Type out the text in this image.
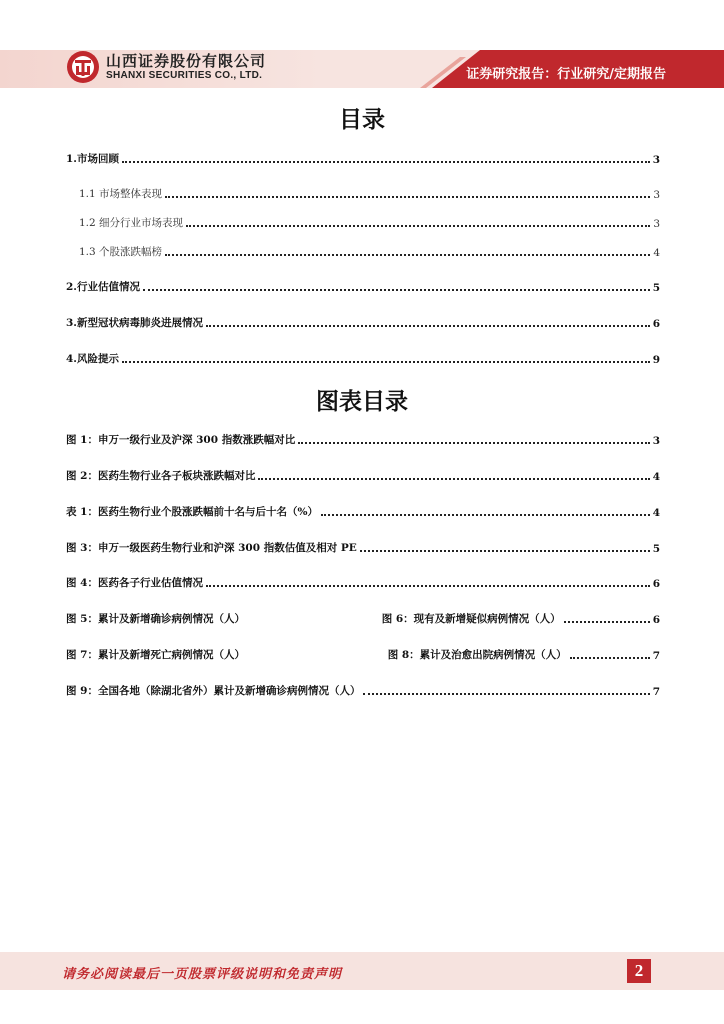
山西证券股份有限公司
SHANXI SECURITIES CO., LTD.	证券研究报告：行业研究/定期报告
目录
1.市场回顾	3
1.1 市场整体表现	3
1.2 细分行业市场表现	3
1.3 个股涨跌幅榜	4
2.行业估值情况	5
3.新型冠状病毒肺炎进展情况	6
4.风险提示	9
图表目录
图 1：申万一级行业及沪深 300 指数涨跌幅对比	3
图 2：医药生物行业各子板块涨跌幅对比	4
表 1：医药生物行业个股涨跌幅前十名与后十名（%）	4
图 3：申万一级医药生物行业和沪深 300 指数估值及相对 PE	5
图 4：医药各子行业估值情况	6
图 5：累计及新增确诊病例情况（人）	图 6：现有及新增疑似病例情况（人）	6
图 7：累计及新增死亡病例情况（人）	图 8：累计及治愈出院病例情况（人）	7
图 9：全国各地（除湖北省外）累计及新增确诊病例情况（人）	7
请务必阅读最后一页股票评级说明和免责声明	2
